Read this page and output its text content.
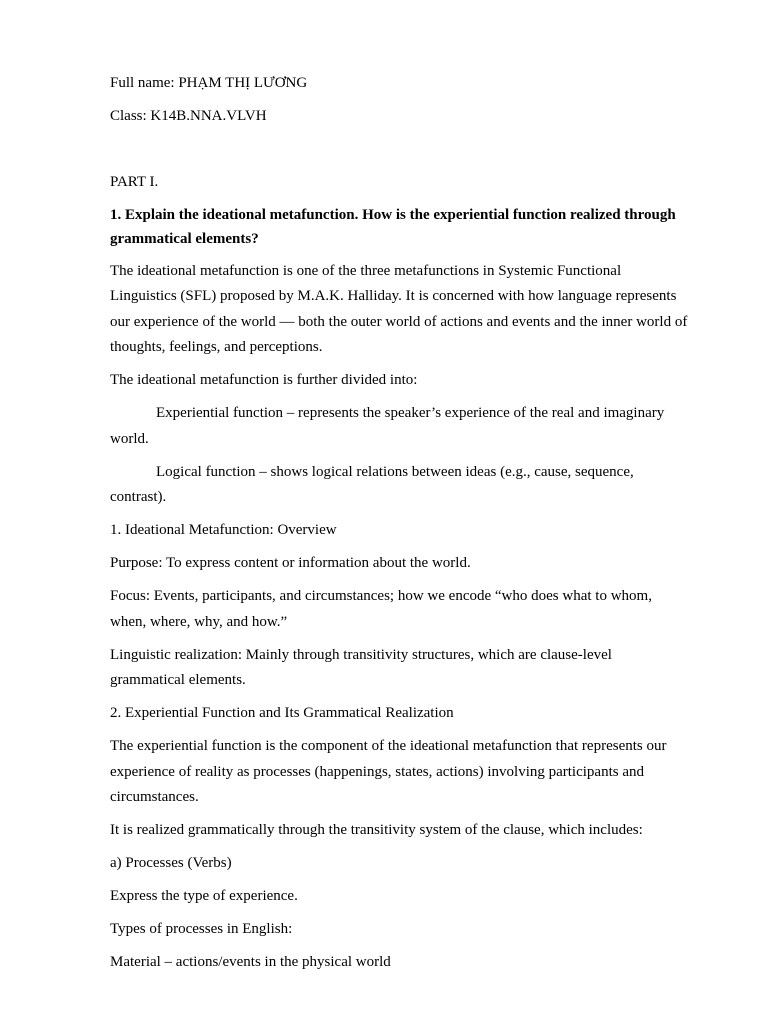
Full name: PHẠM THỊ LƯƠNG

Class: K14B.NNA.VLVH

PART I.

1. Explain the ideational metafunction. How is the experiential function realized through grammatical elements?

The ideational metafunction is one of the three metafunctions in Systemic Functional Linguistics (SFL) proposed by M.A.K. Halliday. It is concerned with how language represents our experience of the world — both the outer world of actions and events and the inner world of thoughts, feelings, and perceptions.

The ideational metafunction is further divided into:

Experiential function – represents the speaker’s experience of the real and imaginary world.

Logical function – shows logical relations between ideas (e.g., cause, sequence, contrast).

1. Ideational Metafunction: Overview

Purpose: To express content or information about the world.

Focus: Events, participants, and circumstances; how we encode “who does what to whom, when, where, why, and how.”

Linguistic realization: Mainly through transitivity structures, which are clause-level grammatical elements.

2. Experiential Function and Its Grammatical Realization

The experiential function is the component of the ideational metafunction that represents our experience of reality as processes (happenings, states, actions) involving participants and circumstances.

It is realized grammatically through the transitivity system of the clause, which includes:

a) Processes (Verbs)

Express the type of experience.

Types of processes in English:

Material – actions/events in the physical world
